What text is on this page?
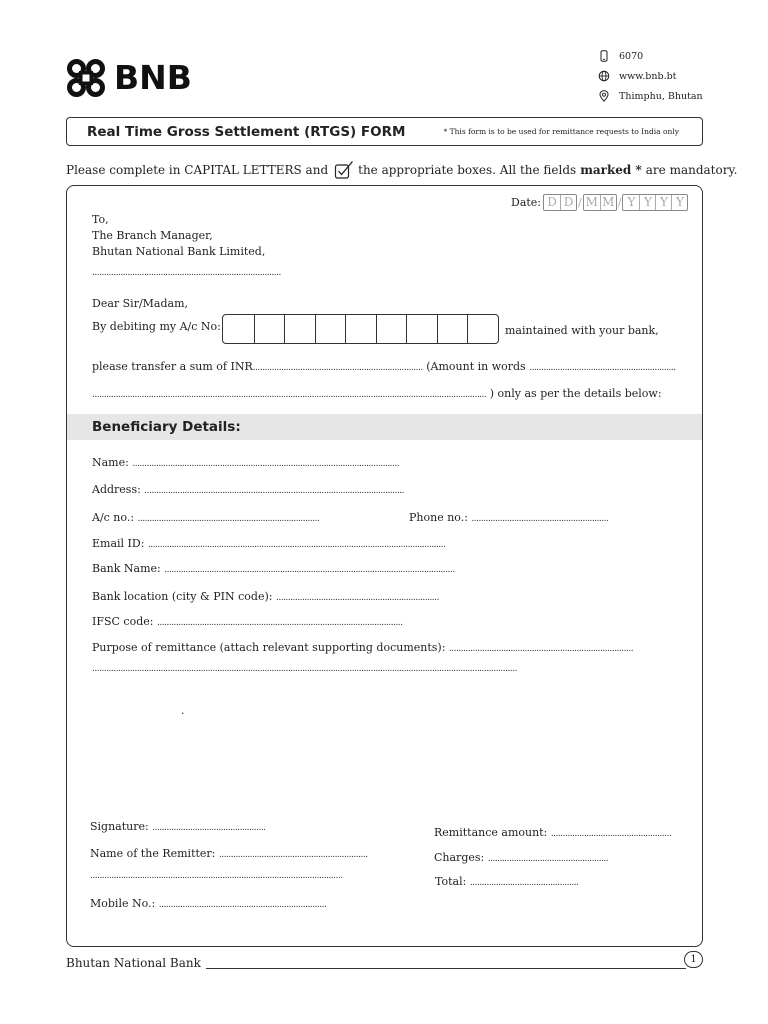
BNB
6070
www.bnb.bt
Thimphu, Bhutan
Real Time Gross Settlement (RTGS) FORM	* This form is to be used for remittance requests to India only
Please complete in CAPITAL LETTERS and	the appropriate boxes. All the fields marked * are mandatory.
Date: D D / M M / Y Y Y Y
To,
The Branch Manager,
Bhutan National Bank Limited,
................................................................................
Dear Sir/Madam,
By debiting my A/c No:	maintained with your bank,
please transfer a sum of INR........................................................................ (Amount in words ..............................................................
....................................................................................................................................................................... ) only as per the details below:
Beneficiary Details:
Name: .................................................................................................................
Address: ..............................................................................................................
A/c no.: .............................................................................	Phone no.: ..........................................................
Email ID: ..............................................................................................................................
Bank Name: ...........................................................................................................................
Bank location (city & PIN code): .....................................................................
IFSC code: ........................................................................................................
Purpose of remittance (attach relevant supporting documents): ..............................................................................
....................................................................................................................................................................................
.
Signature: ................................................
Name of the Remitter: ...............................................................
...........................................................................................................
Mobile No.: .......................................................................
Remittance amount: ...................................................
Charges: ...................................................
Total: ..............................................
Bhutan National Bank	1
